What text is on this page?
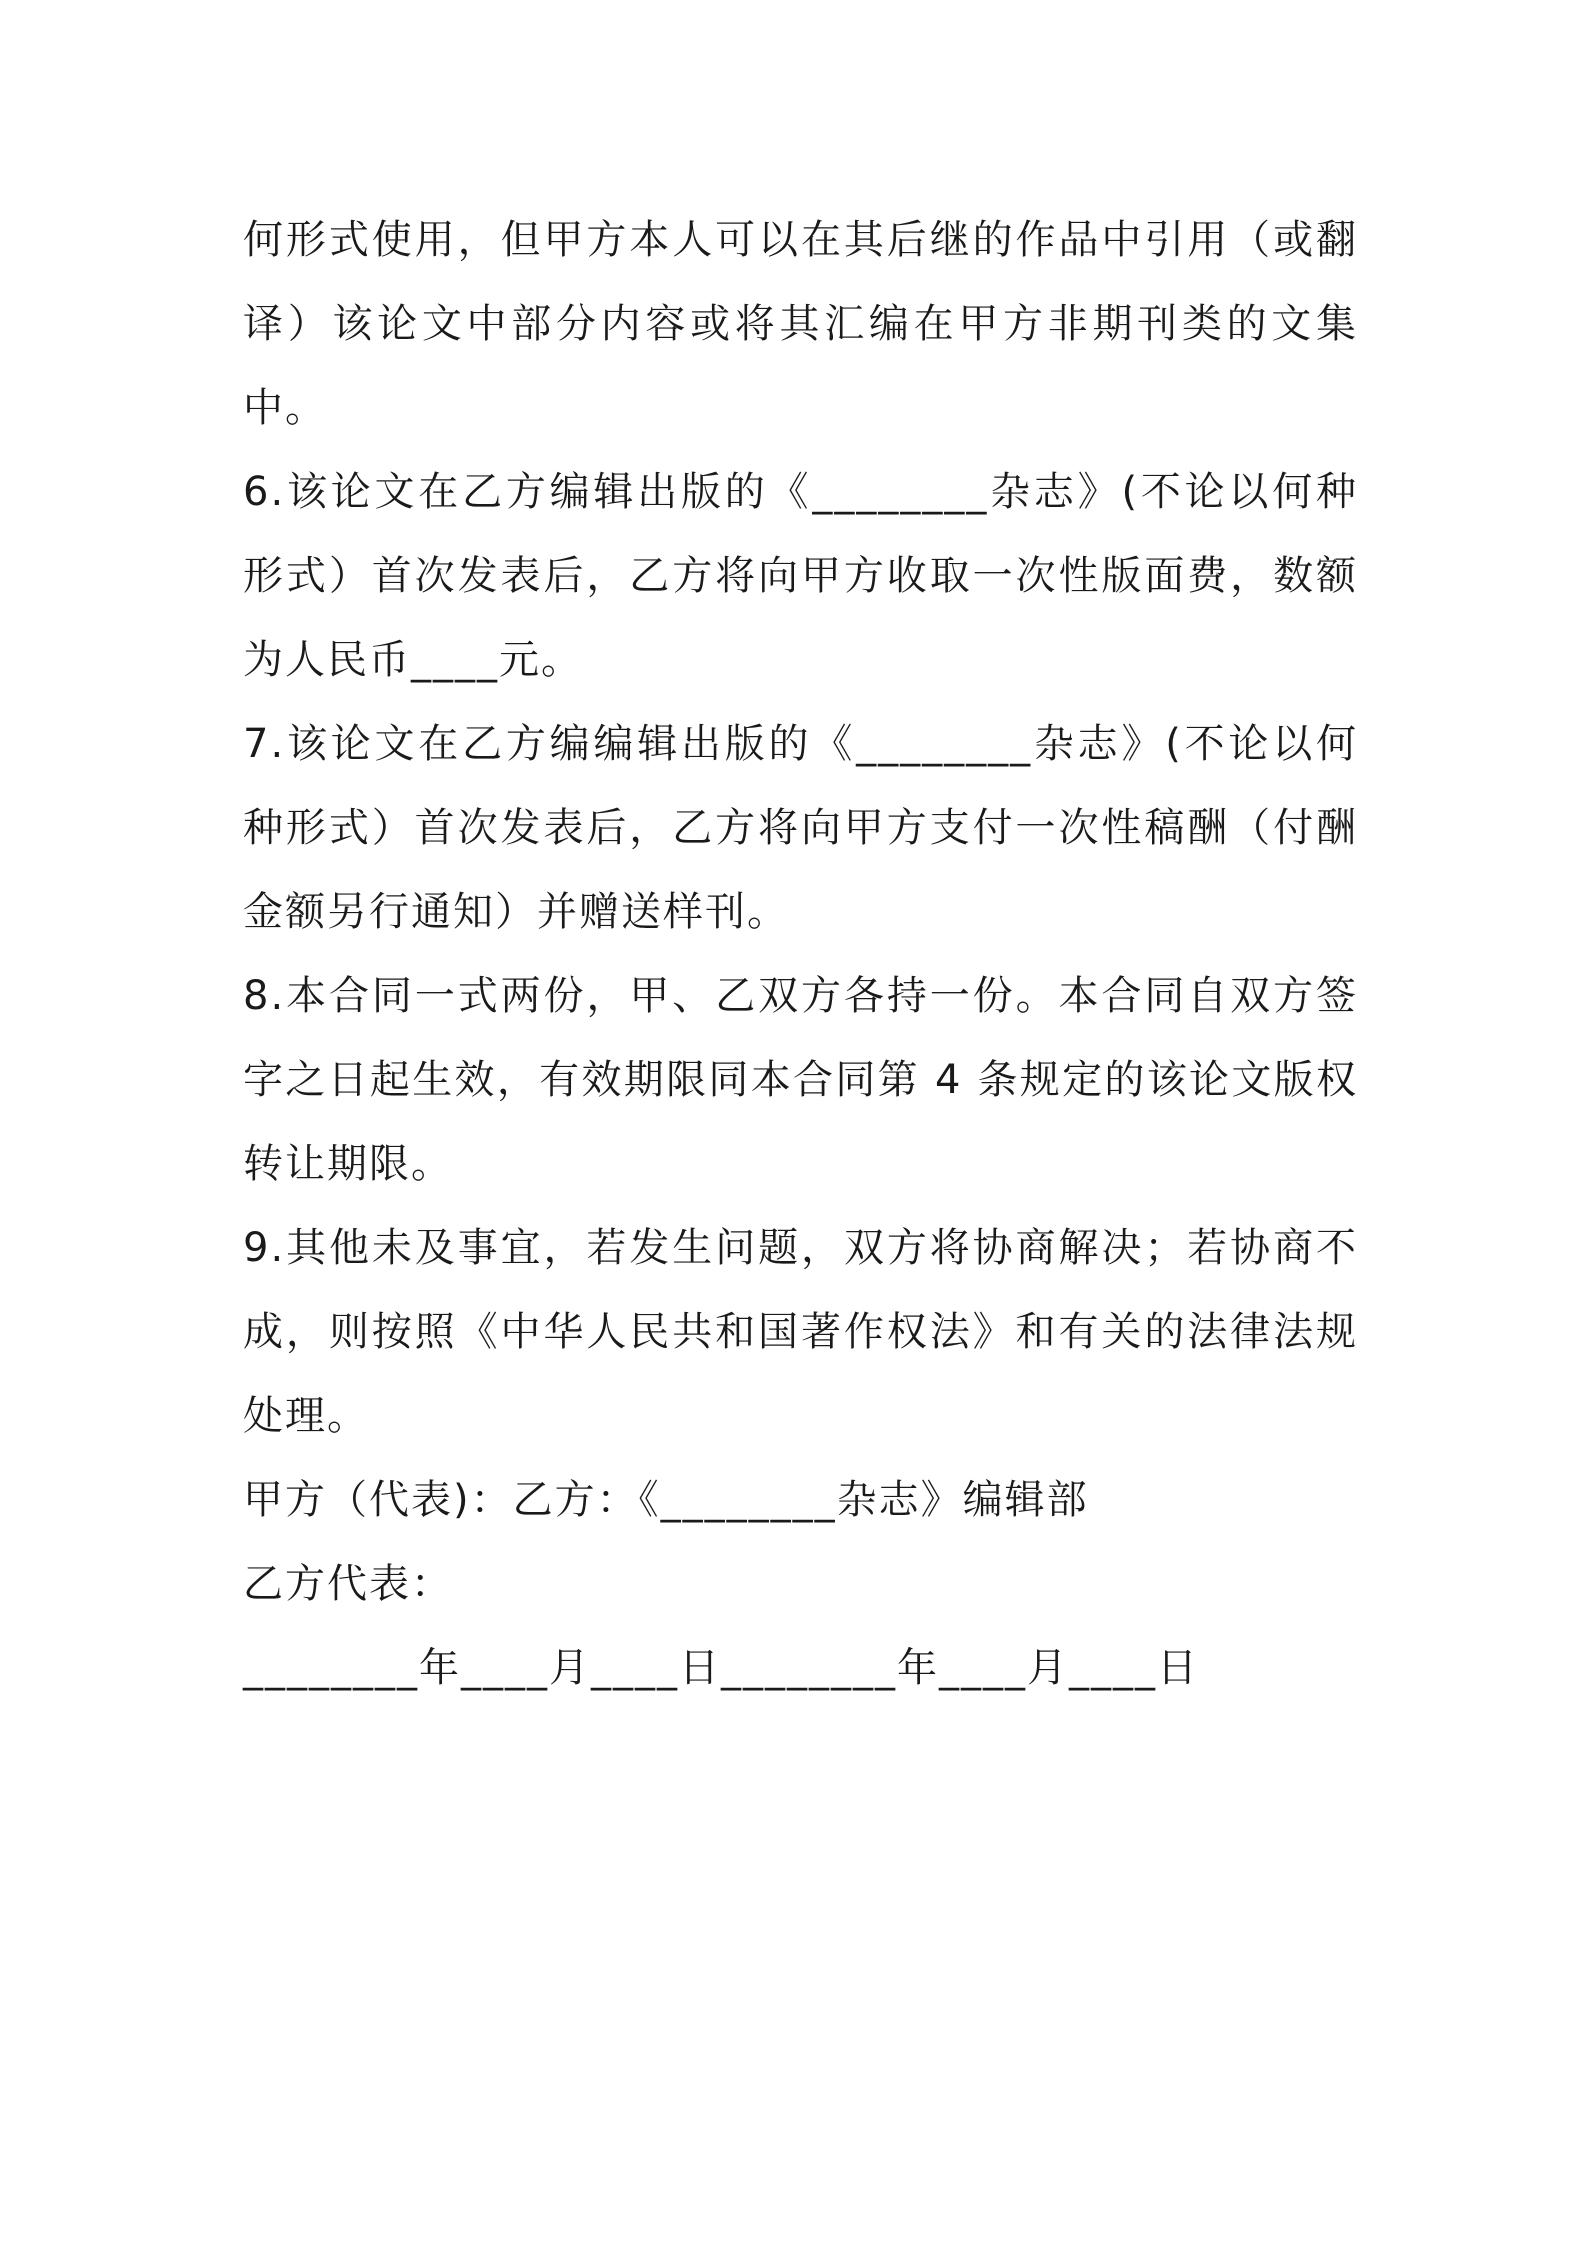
何形式使用，但甲方本人可以在其后继的作品中引用（或翻译）该论文中部分内容或将其汇编在甲方非期刊类的文集中。

6.该论文在乙方编辑出版的《________杂志》(不论以何种形式）首次发表后，乙方将向甲方收取一次性版面费，数额为人民币____元。

7.该论文在乙方编编辑出版的《________杂志》(不论以何种形式）首次发表后，乙方将向甲方支付一次性稿酬（付酬金额另行通知）并赠送样刊。

8.本合同一式两份，甲、乙双方各持一份。本合同自双方签字之日起生效，有效期限同本合同第 4 条规定的该论文版权转让期限。

9.其他未及事宜，若发生问题，双方将协商解决；若协商不成，则按照《中华人民共和国著作权法》和有关的法律法规处理。

甲方（代表)：乙方：《________杂志》编辑部

乙方代表：

________年____月____日________年____月____日
